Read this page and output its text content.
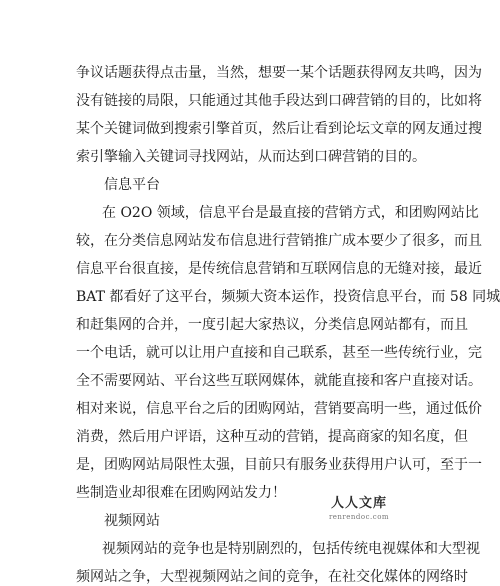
争议话题获得点击量，当然，想要一某个话题获得网友共鸣，因为
没有链接的局限，只能通过其他手段达到口碑营销的目的，比如将
某个关键词做到搜索引擎首页，然后让看到论坛文章的网友通过搜
索引擎输入关键词寻找网站，从而达到口碑营销的目的。
信息平台
在 O2O 领域，信息平台是最直接的营销方式，和团购网站比
较，在分类信息网站发布信息进行营销推广成本要少了很多，而且
信息平台很直接，是传统信息营销和互联网信息的无缝对接，最近
BAT 都看好了这平台，频频大资本运作，投资信息平台，而 58 同城
和赶集网的合并，一度引起大家热议，分类信息网站都有，而且
一个电话，就可以让用户直接和自己联系，甚至一些传统行业，完
全不需要网站、平台这些互联网媒体，就能直接和客户直接对话。
相对来说，信息平台之后的团购网站，营销要高明一些，通过低价
消费，然后用户评语，这种互动的营销，提高商家的知名度，但
是，团购网站局限性太强，目前只有服务业获得用户认可，至于一
些制造业却很难在团购网站发力！
视频网站
视频网站的竞争也是特别剧烈的，包括传统电视媒体和大型视
频网站之争，大型视频网站之间的竞争，在社交化媒体的网络时
人人文库
renrendoc.com
